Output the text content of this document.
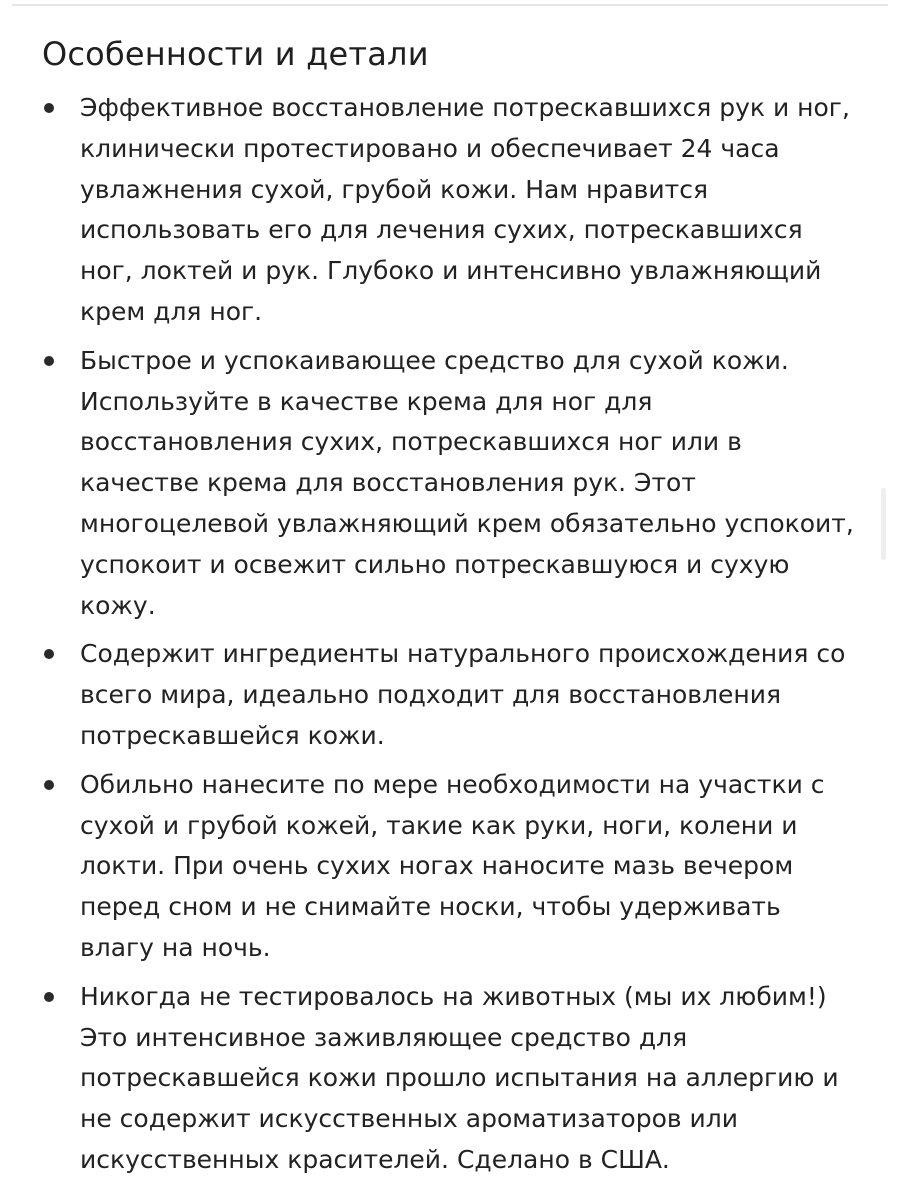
Особенности и детали
Эффективное восстановление потрескавшихся рук и ног, клинически протестировано и обеспечивает 24 часа увлажнения сухой, грубой кожи. Нам нравится использовать его для лечения сухих, потрескавшихся ног, локтей и рук. Глубоко и интенсивно увлажняющий крем для ног.
Быстрое и успокаивающее средство для сухой кожи. Используйте в качестве крема для ног для восстановления сухих, потрескавшихся ног или в качестве крема для восстановления рук. Этот многоцелевой увлажняющий крем обязательно успокоит, успокоит и освежит сильно потрескавшуюся и сухую кожу.
Содержит ингредиенты натурального происхождения со всего мира, идеально подходит для восстановления потрескавшейся кожи.
Обильно нанесите по мере необходимости на участки с сухой и грубой кожей, такие как руки, ноги, колени и локти. При очень сухих ногах наносите мазь вечером перед сном и не снимайте носки, чтобы удерживать влагу на ночь.
Никогда не тестировалось на животных (мы их любим!) Это интенсивное заживляющее средство для потрескавшейся кожи прошло испытания на аллергию и не содержит искусственных ароматизаторов или искусственных красителей. Сделано в США.
